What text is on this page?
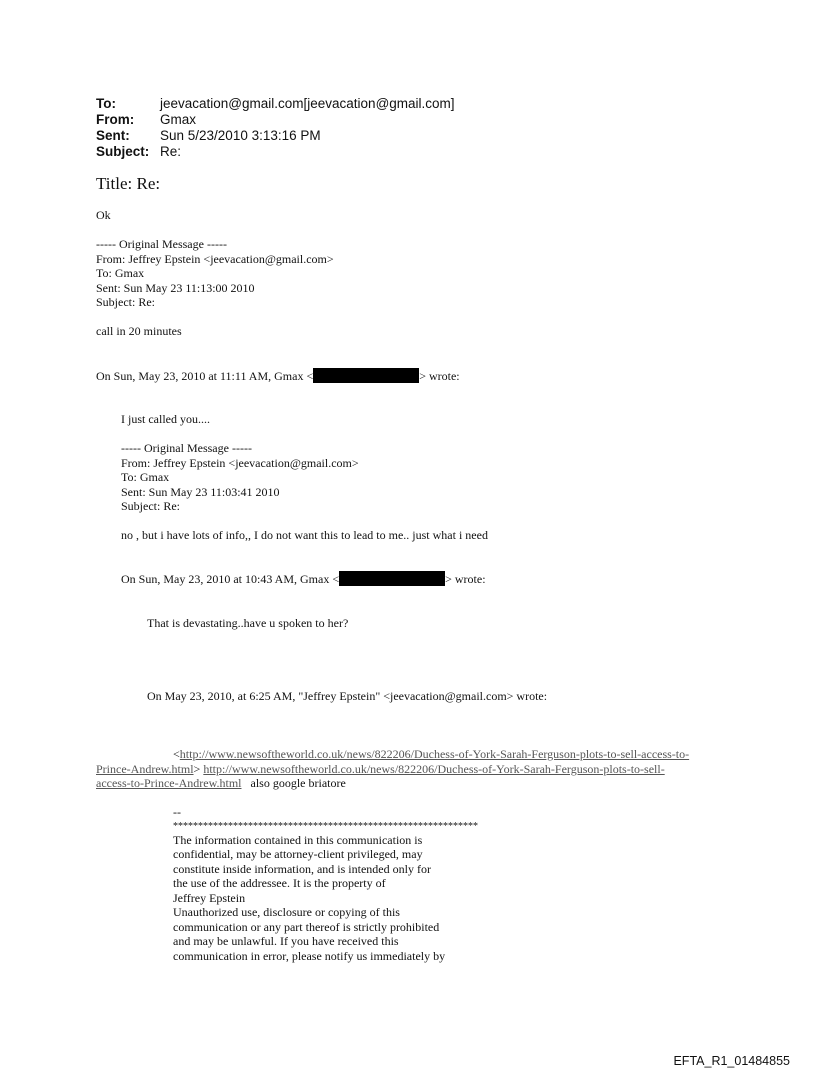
To:	jeevacation@gmail.com[jeevacation@gmail.com]
From: Gmax
Sent: Sun 5/23/2010 3:13:16 PM
Subject: Re:
Title: Re:
Ok
----- Original Message -----
From: Jeffrey Epstein <jeevacation@gmail.com>
To: Gmax
Sent: Sun May 23 11:13:00 2010
Subject: Re:
call in 20 minutes
On Sun, May 23, 2010 at 11:11 AM, Gmax <	> wrote:
I just called you....
----- Original Message -----
From: Jeffrey Epstein <jeevacation@gmail.com>
To: Gmax
Sent: Sun May 23 11:03:41 2010
Subject: Re:
no , but i have lots of info,, I do not want this to lead to me.. just what i need
On Sun, May 23, 2010 at 10:43 AM, Gmax <	> wrote:
That is devastating..have u spoken to her?
On May 23, 2010, at 6:25 AM, "Jeffrey Epstein" <jeevacation@gmail.com> wrote:
<http://www.newsoftheworld.co.uk/news/822206/Duchess-of-York-Sarah-Ferguson-plots-to-sell-access-to-
Prince-Andrew.html> http://www.newsoftheworld.co.uk/news/822206/Duchess-of-York-Sarah-Ferguson-plots-to-sell-
access-to-Prince-Andrew.html also google briatore
--
*************************************************************
The information contained in this communication is
confidential, may be attorney-client privileged, may
constitute inside information, and is intended only for
the use of the addressee. It is the property of
Jeffrey Epstein
Unauthorized use, disclosure or copying of this
communication or any part thereof is strictly prohibited
and may be unlawful. If you have received this
communication in error, please notify us immediately by
EFTA_R1_01484855
